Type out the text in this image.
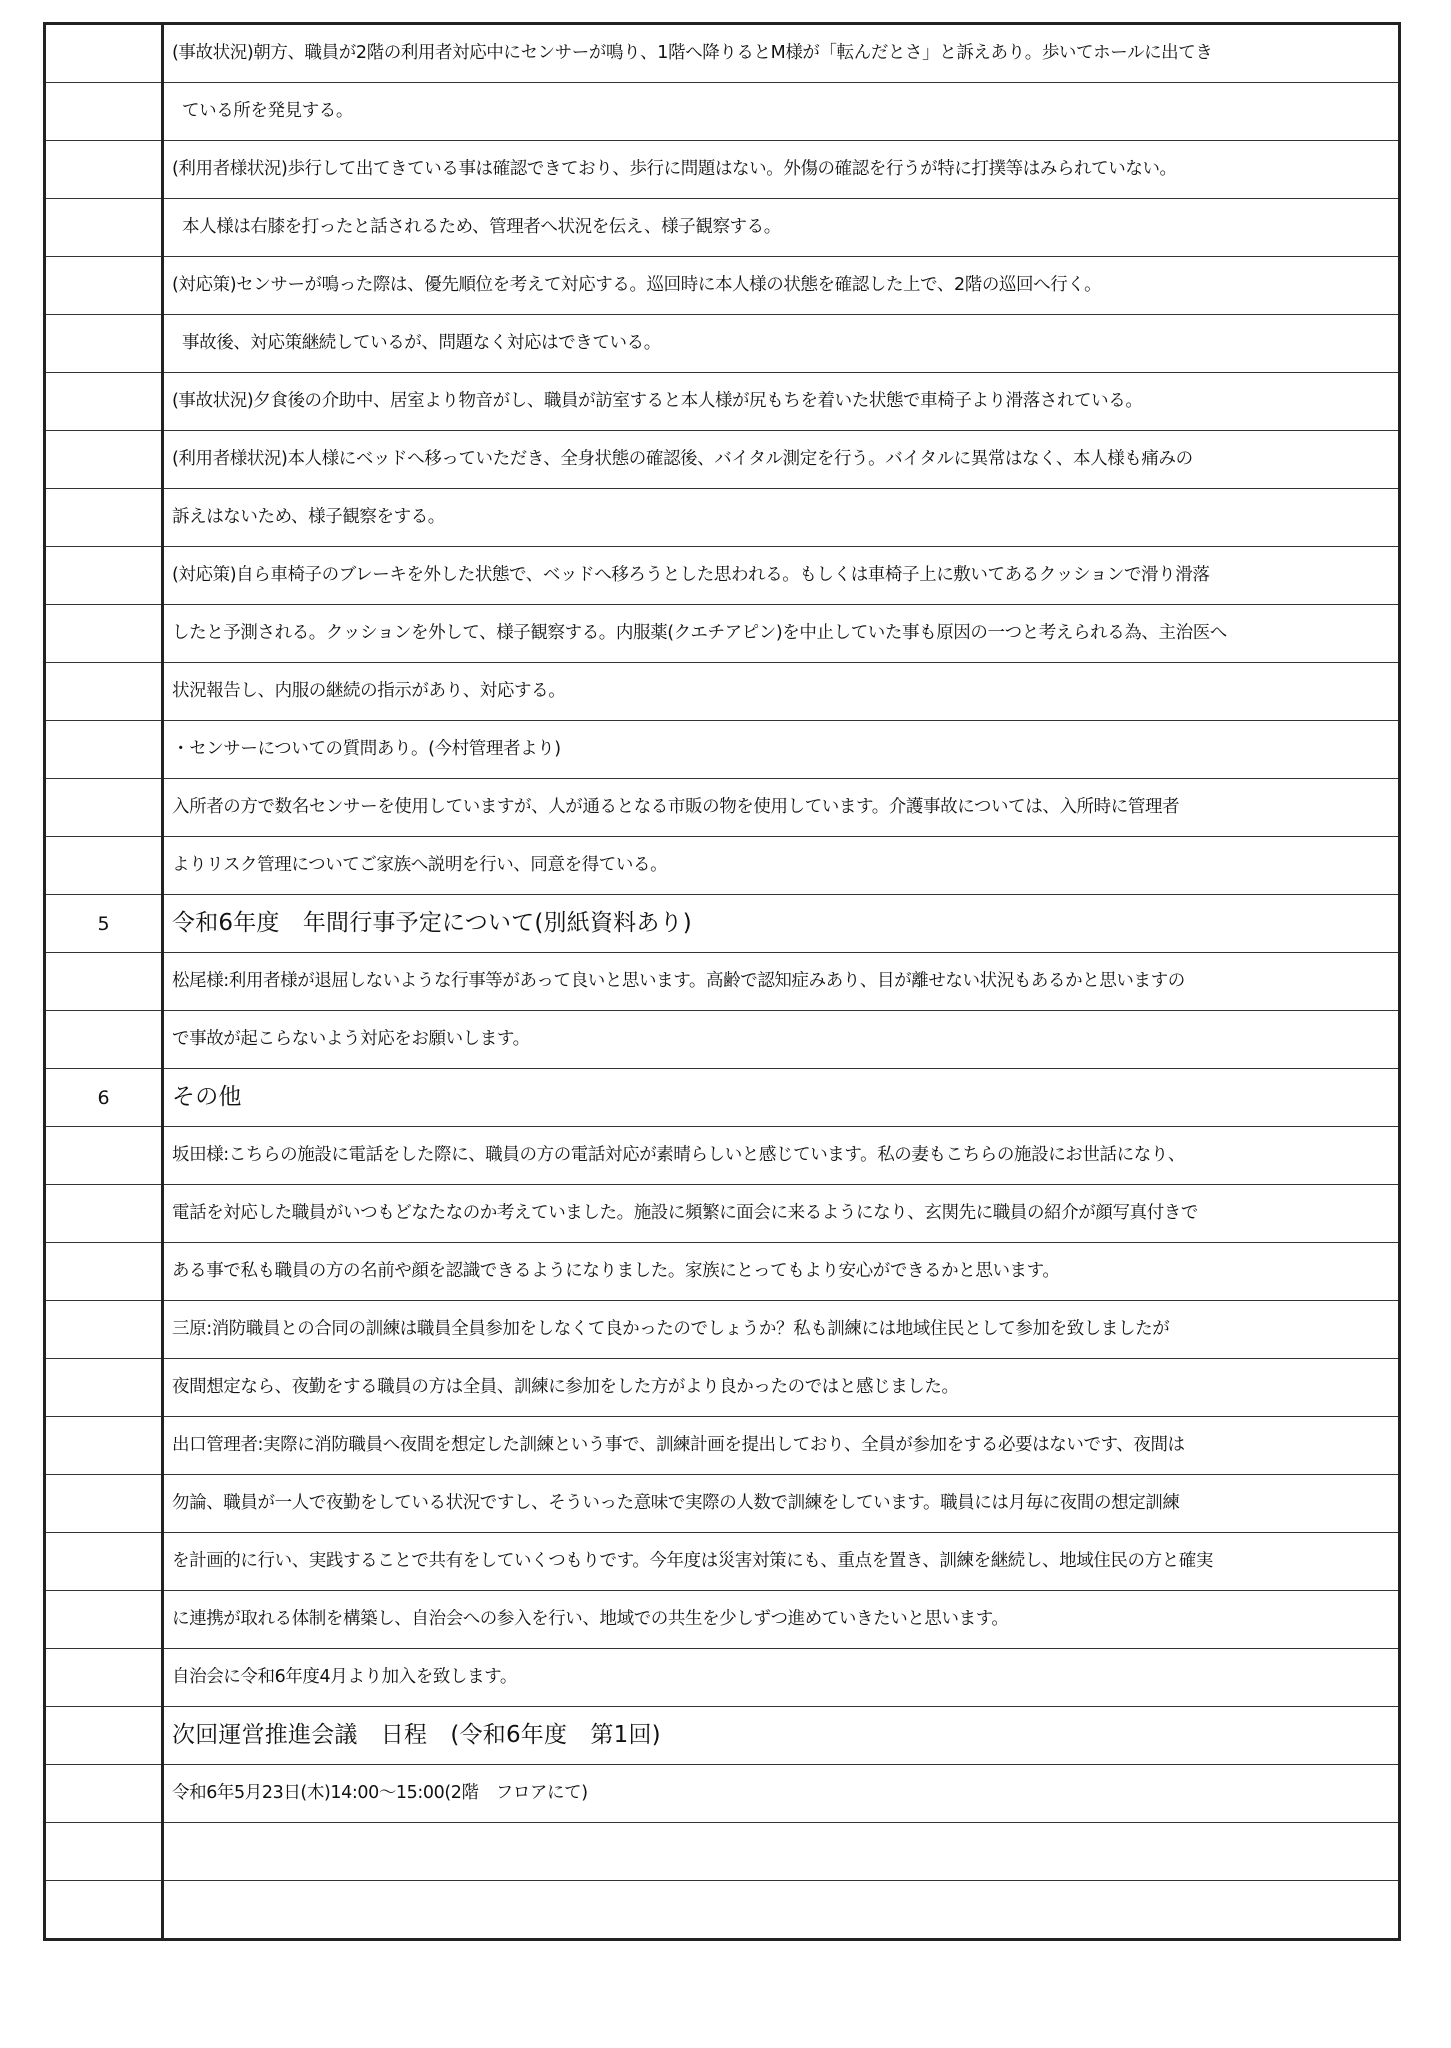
	(事故状況)朝方、職員が2階の利用者対応中にセンサーが鳴り、1階へ降りるとM様が「転んだとさ」と訴えあり。歩いてホールに出てき
	ている所を発見する。
	(利用者様状況)歩行して出てきている事は確認できており、歩行に問題はない。外傷の確認を行うが特に打撲等はみられていない。
	本人様は右膝を打ったと話されるため、管理者へ状況を伝え、様子観察する。
	(対応策)センサーが鳴った際は、優先順位を考えて対応する。巡回時に本人様の状態を確認した上で、2階の巡回へ行く。
	事故後、対応策継続しているが、問題なく対応はできている。
	(事故状況)夕食後の介助中、居室より物音がし、職員が訪室すると本人様が尻もちを着いた状態で車椅子より滑落されている。
	(利用者様状況)本人様にベッドへ移っていただき、全身状態の確認後、バイタル測定を行う。バイタルに異常はなく、本人様も痛みの
	訴えはないため、様子観察をする。
	(対応策)自ら車椅子のブレーキを外した状態で、ベッドへ移ろうとした思われる。もしくは車椅子上に敷いてあるクッションで滑り滑落
	したと予測される。クッションを外して、様子観察する。内服薬(クエチアピン)を中止していた事も原因の一つと考えられる為、主治医へ
	状況報告し、内服の継続の指示があり、対応する。
	・センサーについての質問あり。(今村管理者より)
	入所者の方で数名センサーを使用していますが、人が通るとなる市販の物を使用しています。介護事故については、入所時に管理者
	よりリスク管理についてご家族へ説明を行い、同意を得ている。
5	令和6年度　年間行事予定について(別紙資料あり)
	松尾様:利用者様が退屈しないような行事等があって良いと思います。高齢で認知症みあり、目が離せない状況もあるかと思いますの
	で事故が起こらないよう対応をお願いします。
6	その他
	坂田様:こちらの施設に電話をした際に、職員の方の電話対応が素晴らしいと感じています。私の妻もこちらの施設にお世話になり、
	電話を対応した職員がいつもどなたなのか考えていました。施設に頻繁に面会に来るようになり、玄関先に職員の紹介が顔写真付きで
	ある事で私も職員の方の名前や顔を認識できるようになりました。家族にとってもより安心ができるかと思います。
	三原:消防職員との合同の訓練は職員全員参加をしなくて良かったのでしょうか？私も訓練には地域住民として参加を致しましたが
	夜間想定なら、夜勤をする職員の方は全員、訓練に参加をした方がより良かったのではと感じました。
	出口管理者:実際に消防職員へ夜間を想定した訓練という事で、訓練計画を提出しており、全員が参加をする必要はないです、夜間は
	勿論、職員が一人で夜勤をしている状況ですし、そういった意味で実際の人数で訓練をしています。職員には月毎に夜間の想定訓練
	を計画的に行い、実践することで共有をしていくつもりです。今年度は災害対策にも、重点を置き、訓練を継続し、地域住民の方と確実
	に連携が取れる体制を構築し、自治会への参入を行い、地域での共生を少しずつ進めていきたいと思います。
	自治会に令和6年度4月より加入を致します。
	次回運営推進会議　日程　(令和6年度　第1回)
	令和6年5月23日(木)14:00〜15:00(2階　フロアにて)
